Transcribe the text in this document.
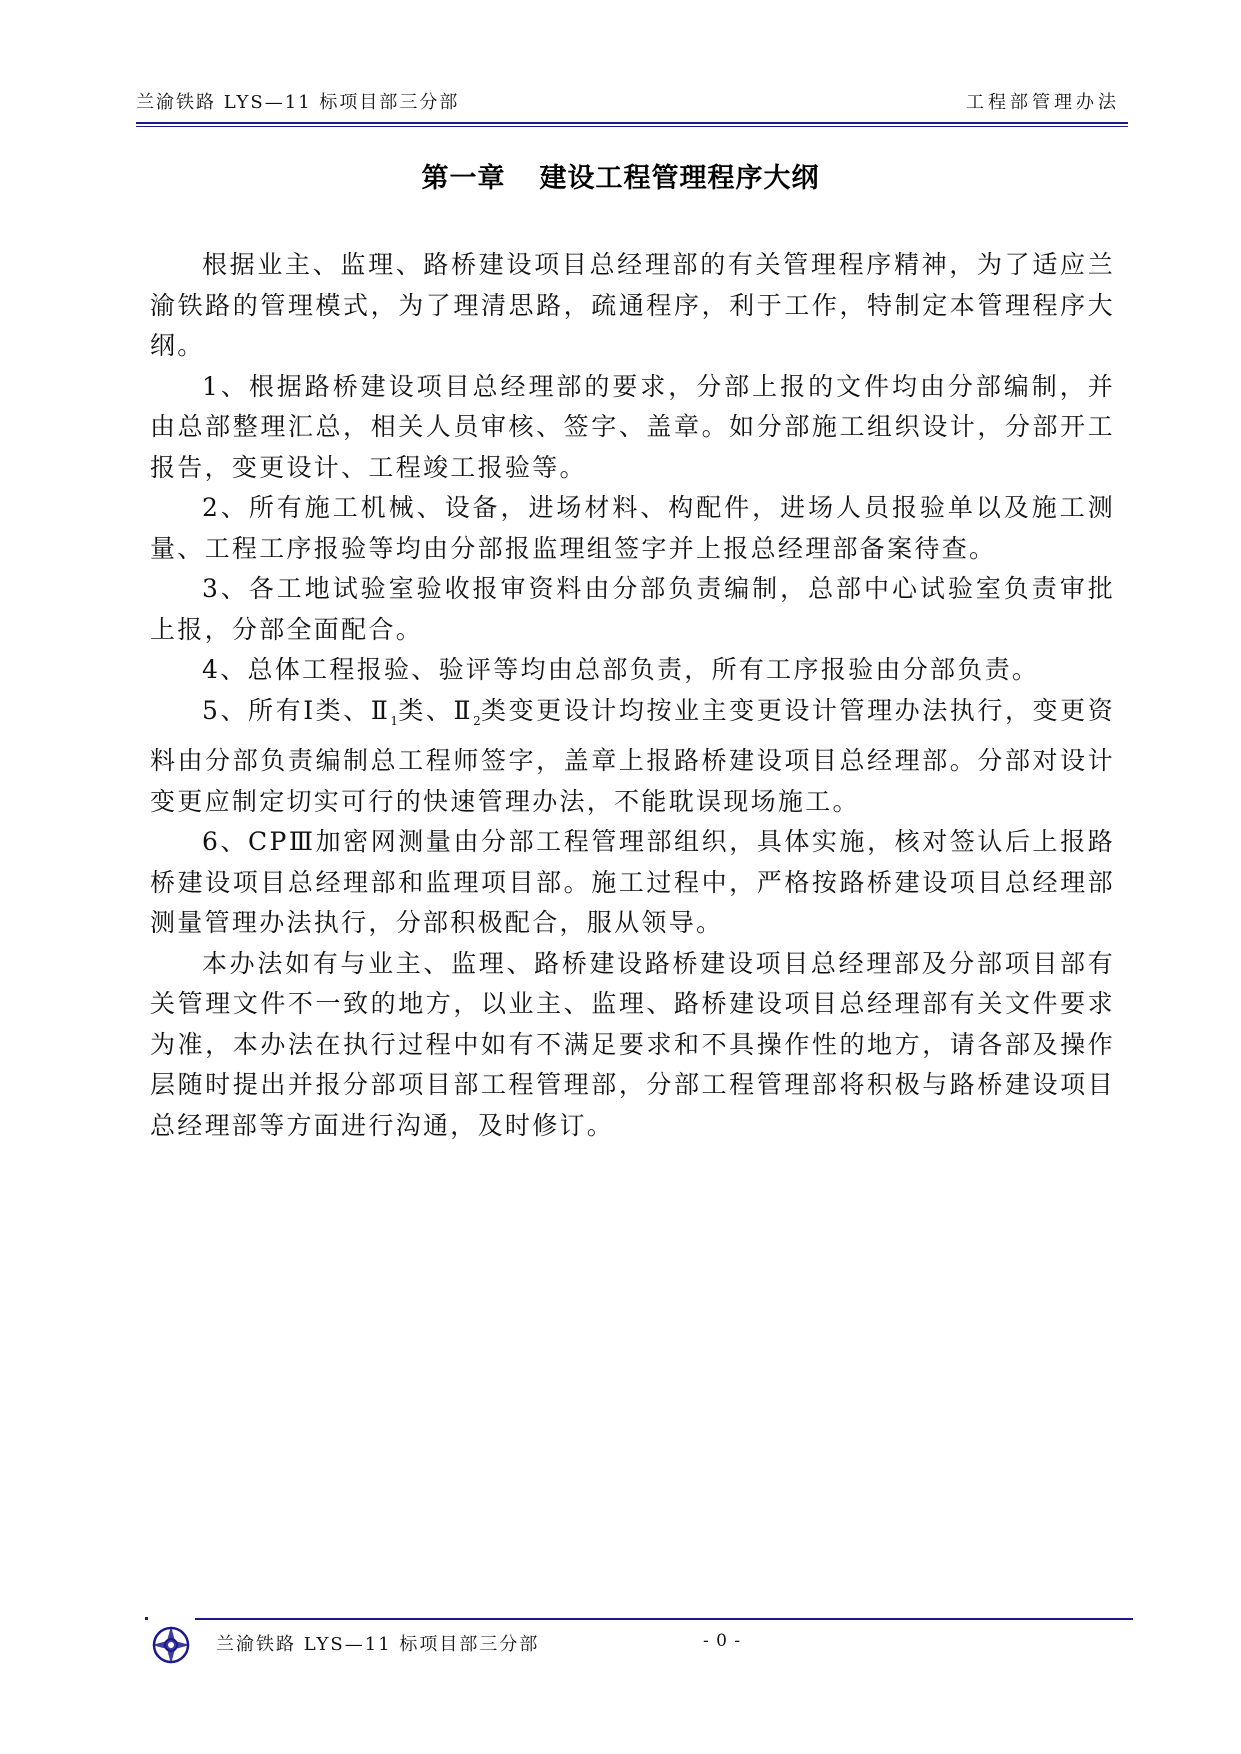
兰渝铁路 LYS—11 标项目部三分部	工程部管理办法
第一章 建设工程管理程序大纲

根据业主、监理、路桥建设项目总经理部的有关管理程序精神，为了适应兰渝铁路的管理模式，为了理清思路，疏通程序，利于工作，特制定本管理程序大纲。

1、根据路桥建设项目总经理部的要求，分部上报的文件均由分部编制，并由总部整理汇总，相关人员审核、签字、盖章。如分部施工组织设计，分部开工报告，变更设计、工程竣工报验等。

2、所有施工机械、设备，进场材料、构配件，进场人员报验单以及施工测量、工程工序报验等均由分部报监理组签字并上报总经理部备案待查。

3、各工地试验室验收报审资料由分部负责编制，总部中心试验室负责审批上报，分部全面配合。

4、总体工程报验、验评等均由总部负责，所有工序报验由分部负责。

5、所有Ⅰ类、$Ⅱ_1$类、$Ⅱ_2$类变更设计均按业主变更设计管理办法执行，变更资料由分部负责编制总工程师签字，盖章上报路桥建设项目总经理部。分部对设计变更应制定切实可行的快速管理办法，不能耽误现场施工。

6、CPⅢ加密网测量由分部工程管理部组织，具体实施，核对签认后上报路桥建设项目总经理部和监理项目部。施工过程中，严格按路桥建设项目总经理部测量管理办法执行，分部积极配合，服从领导。

本办法如有与业主、监理、路桥建设路桥建设项目总经理部及分部项目部有关管理文件不一致的地方，以业主、监理、路桥建设项目总经理部有关文件要求为准，本办法在执行过程中如有不满足要求和不具操作性的地方，请各部及操作层随时提出并报分部项目部工程管理部，分部工程管理部将积极与路桥建设项目总经理部等方面进行沟通，及时修订。

兰渝铁路 LYS—11 标项目部三分部	- 0 -
